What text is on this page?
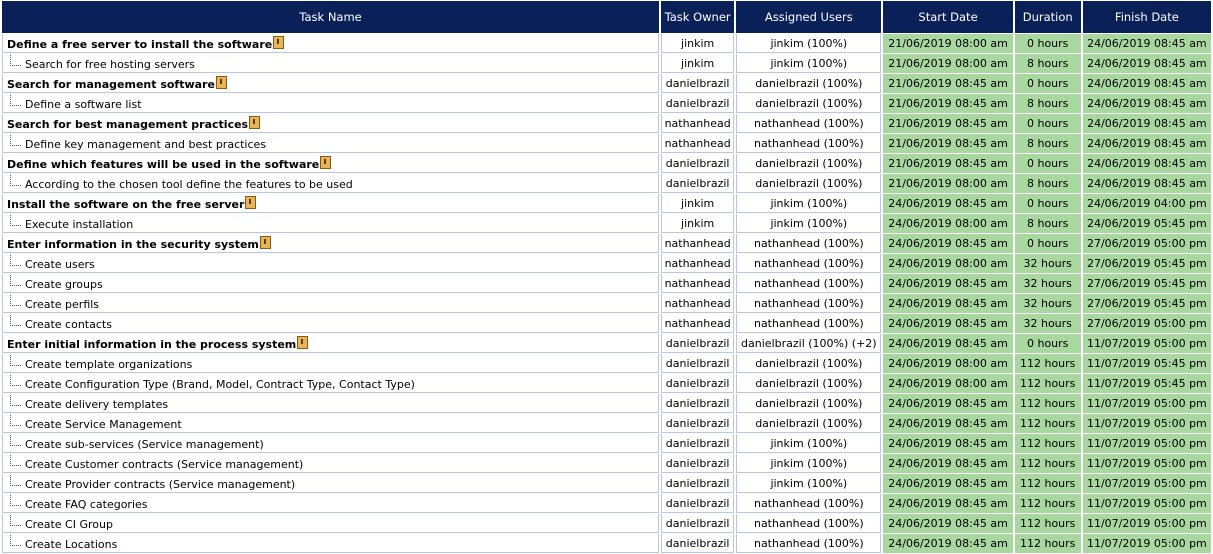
Task Name	Task Owner	Assigned Users	Start Date	Duration	Finish Date
Define a free server to install the software	jinkim	jinkim (100%)	21/06/2019 08:00 am	0 hours	24/06/2019 08:45 am
Search for free hosting servers	jinkim	jinkim (100%)	21/06/2019 08:00 am	8 hours	24/06/2019 08:45 am
Search for management software	danielbrazil	danielbrazil (100%)	21/06/2019 08:45 am	0 hours	24/06/2019 08:45 am
Define a software list	danielbrazil	danielbrazil (100%)	21/06/2019 08:45 am	8 hours	24/06/2019 08:45 am
Search for best management practices	nathanhead	nathanhead (100%)	21/06/2019 08:45 am	0 hours	24/06/2019 08:45 am
Define key management and best practices	nathanhead	nathanhead (100%)	21/06/2019 08:45 am	8 hours	24/06/2019 08:45 am
Define which features will be used in the software	danielbrazil	danielbrazil (100%)	21/06/2019 08:45 am	0 hours	24/06/2019 08:45 am
According to the chosen tool define the features to be used	danielbrazil	danielbrazil (100%)	21/06/2019 08:00 am	8 hours	24/06/2019 08:45 am
Install the software on the free server	jinkim	jinkim (100%)	24/06/2019 08:45 am	0 hours	24/06/2019 04:00 pm
Execute installation	jinkim	jinkim (100%)	24/06/2019 08:00 am	8 hours	24/06/2019 05:45 pm
Enter information in the security system	nathanhead	nathanhead (100%)	24/06/2019 08:45 am	0 hours	27/06/2019 05:00 pm
Create users	nathanhead	nathanhead (100%)	24/06/2019 08:00 am	32 hours	27/06/2019 05:45 pm
Create groups	nathanhead	nathanhead (100%)	24/06/2019 08:45 am	32 hours	27/06/2019 05:45 pm
Create perfils	nathanhead	nathanhead (100%)	24/06/2019 08:45 am	32 hours	27/06/2019 05:45 pm
Create contacts	nathanhead	nathanhead (100%)	24/06/2019 08:45 am	32 hours	27/06/2019 05:00 pm
Enter initial information in the process system	danielbrazil	danielbrazil (100%) (+2)	24/06/2019 08:45 am	0 hours	11/07/2019 05:00 pm
Create template organizations	danielbrazil	danielbrazil (100%)	24/06/2019 08:00 am	112 hours	11/07/2019 05:45 pm
Create Configuration Type (Brand, Model, Contract Type, Contact Type)	danielbrazil	danielbrazil (100%)	24/06/2019 08:00 am	112 hours	11/07/2019 05:45 pm
Create delivery templates	danielbrazil	danielbrazil (100%)	24/06/2019 08:45 am	112 hours	11/07/2019 05:00 pm
Create Service Management	danielbrazil	danielbrazil (100%)	24/06/2019 08:45 am	112 hours	11/07/2019 05:00 pm
Create sub-services (Service management)	danielbrazil	jinkim (100%)	24/06/2019 08:45 am	112 hours	11/07/2019 05:00 pm
Create Customer contracts (Service management)	danielbrazil	jinkim (100%)	24/06/2019 08:45 am	112 hours	11/07/2019 05:00 pm
Create Provider contracts (Service management)	danielbrazil	jinkim (100%)	24/06/2019 08:45 am	112 hours	11/07/2019 05:00 pm
Create FAQ categories	danielbrazil	nathanhead (100%)	24/06/2019 08:45 am	112 hours	11/07/2019 05:00 pm
Create CI Group	danielbrazil	nathanhead (100%)	24/06/2019 08:45 am	112 hours	11/07/2019 05:00 pm
Create Locations	danielbrazil	nathanhead (100%)	24/06/2019 08:45 am	112 hours	11/07/2019 05:00 pm
